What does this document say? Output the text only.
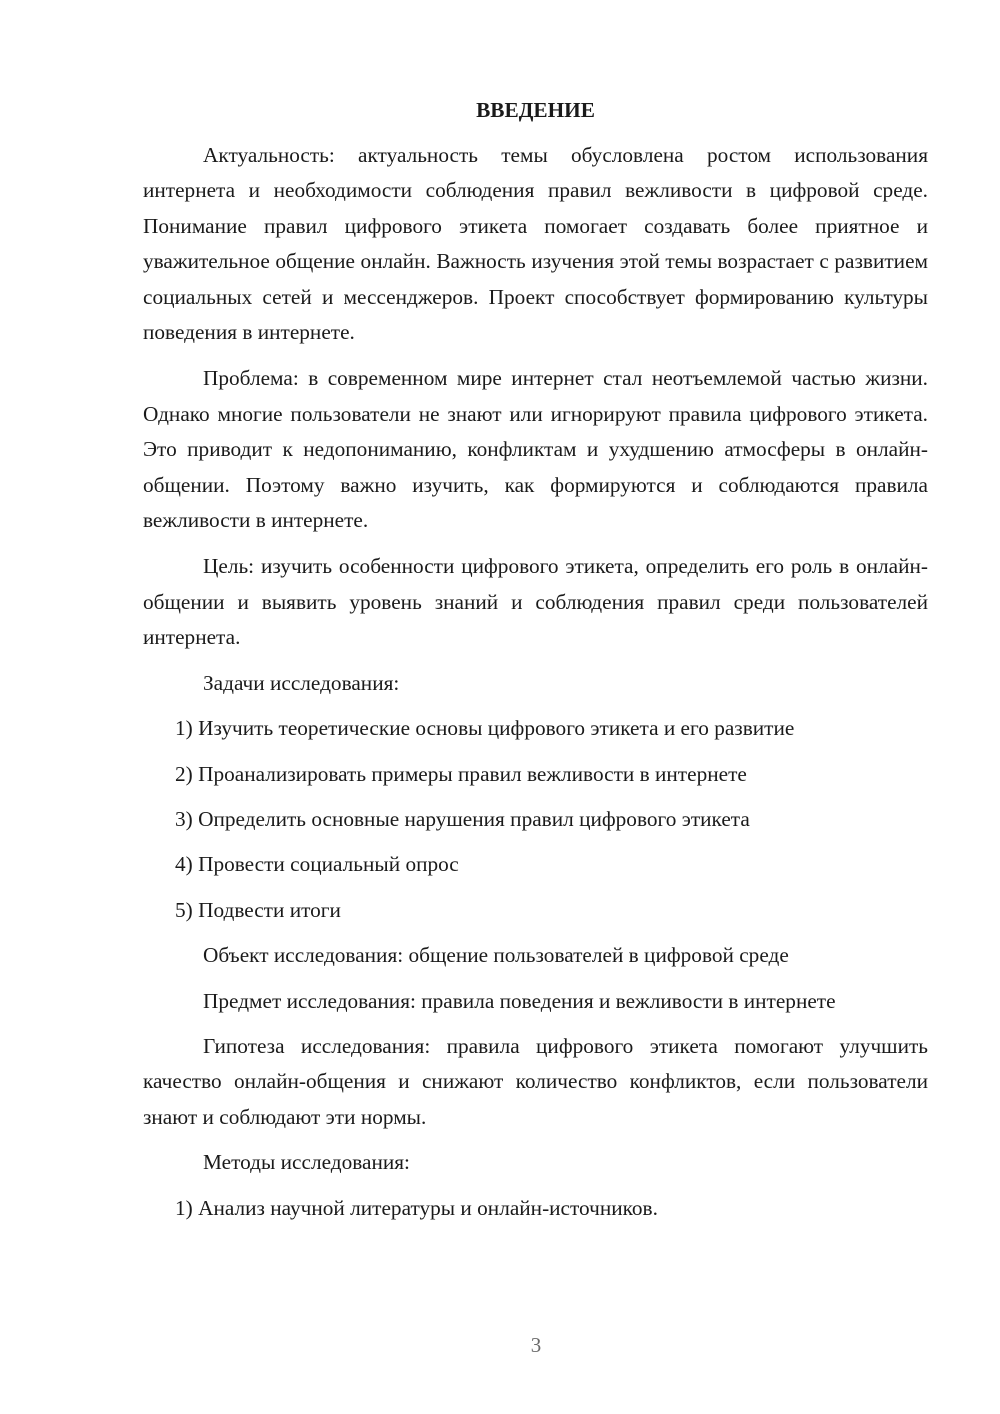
ВВЕДЕНИЕ
Актуальность: актуальность темы обусловлена ростом использования интернета и необходимости соблюдения правил вежливости в цифровой среде. Понимание правил цифрового этикета помогает создавать более приятное и уважительное общение онлайн. Важность изучения этой темы возрастает с развитием социальных сетей и мессенджеров. Проект способствует формированию культуры поведения в интернете.
Проблема: в современном мире интернет стал неотъемлемой частью жизни. Однако многие пользователи не знают или игнорируют правила цифрового этикета. Это приводит к недопониманию, конфликтам и ухудшению атмосферы в онлайн-общении. Поэтому важно изучить, как формируются и соблюдаются правила вежливости в интернете.
Цель: изучить особенности цифрового этикета, определить его роль в онлайн-общении и выявить уровень знаний и соблюдения правил среди пользователей интернета.
Задачи исследования:
1) Изучить теоретические основы цифрового этикета и его развитие
2) Проанализировать примеры правил вежливости в интернете
3) Определить основные нарушения правил цифрового этикета
4) Провести социальный опрос
5) Подвести итоги
Объект исследования: общение пользователей в цифровой среде
Предмет исследования: правила поведения и вежливости в интернете
Гипотеза исследования: правила цифрового этикета помогают улучшить качество онлайн-общения и снижают количество конфликтов, если пользователи знают и соблюдают эти нормы.
Методы исследования:
1) Анализ научной литературы и онлайн-источников.
3
